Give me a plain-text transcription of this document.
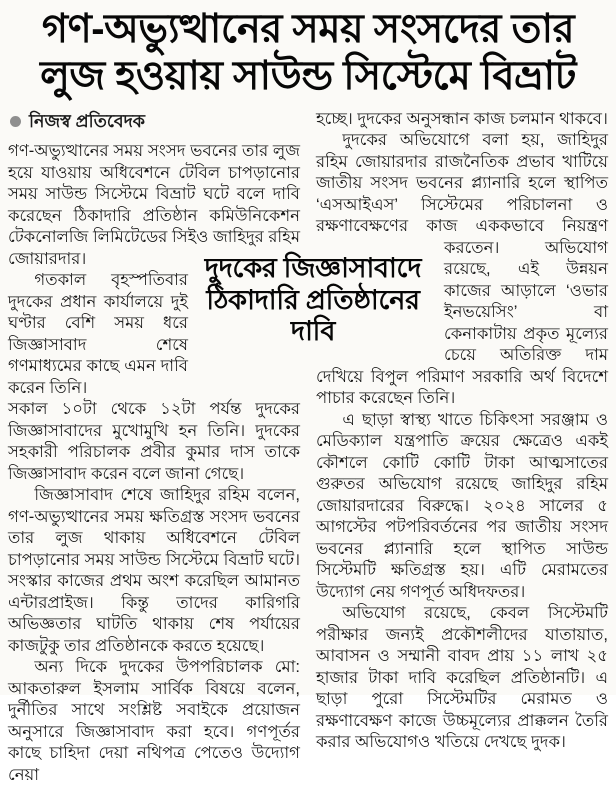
গণ-অভ্যুত্থানের সময় সংসদের তার লুজ হওয়ায় সাউন্ড সিস্টেমে বিভ্রাট
নিজস্ব প্রতিবেদক

গণ-অভ্যুত্থানের সময় সংসদ ভবনের তার লুজ হয়ে যাওয়ায় অধিবেশনে টেবিল চাপড়ানোর সময় সাউন্ড সিস্টেমে বিভ্রাট ঘটে বলে দাবি করেছেন ঠিকাদারি প্রতিষ্ঠান কমিউনিকেশন টেকনোলজি লিমিটেডের সিইও জাহিদুর রহিম জোয়ারদার।

গতকাল বৃহস্পতিবার দুদকের প্রধান কার্যালয়ে দুই ঘণ্টার বেশি সময় ধরে জিজ্ঞাসাবাদ শেষে গণমাধ্যমের কাছে এমন দাবি করেন তিনি।

সকাল ১০টা থেকে ১২টা পর্যন্ত দুদকের জিজ্ঞাসাবাদের মুখোমুখি হন তিনি। দুদকের সহকারী পরিচালক প্রবীর কুমার দাস তাকে জিজ্ঞাসাবাদ করেন বলে জানা গেছে।

জিজ্ঞাসাবাদ শেষে জাহিদুর রহিম বলেন, গণ-অভ্যুত্থানের সময় ক্ষতিগ্রস্ত সংসদ ভবনের তার লুজ থাকায় অধিবেশনে টেবিল চাপড়ানোর সময় সাউন্ড সিস্টেমে বিভ্রাট ঘটে। সংস্কার কাজের প্রথম অংশ করেছিল আমানত এন্টারপ্রাইজ। কিন্তু তাদের কারিগরি অভিজ্ঞতার ঘাটতি থাকায় শেষ পর্যায়ের কাজটুকু তার প্রতিষ্ঠানকে করতে হয়েছে।

অন্য দিকে দুদকের উপপরিচালক মো: আকতারুল ইসলাম সার্বিক বিষয়ে বলেন, দুর্নীতির সাথে সংশ্লিষ্ট সবাইকে প্রয়োজন অনুসারে জিজ্ঞাসাবাদ করা হবে। গণপূর্তর কাছে চাহিদা দেয়া নথিপত্র পেতেও উদ্যোগ নেয়া

হচ্ছে। দুদকের অনুসন্ধান কাজ চলমান থাকবে।

দুদকের অভিযোগে বলা হয়, জাহিদুর রহিম জোয়ারদার রাজনৈতিক প্রভাব খাটিয়ে জাতীয় সংসদ ভবনের প্ল্যানারি হলে স্থাপিত ‘এসআইএস’ সিস্টেমের পরিচালনা ও রক্ষণাবেক্ষণের কাজ এককভাবে নিয়ন্ত্রণ
করতেন। অভিযোগ রয়েছে, এই উন্নয়ন কাজের আড়ালে ‘ওভার ইনভয়েসিং’ বা কেনাকাটায় প্রকৃত মূল্যের চেয়ে অতিরিক্ত দাম দেখিয়ে বিপুল পরিমাণ সরকারি অর্থ বিদেশে পাচার করেছেন তিনি।

এ ছাড়া স্বাস্থ্য খাতে চিকিৎসা সরঞ্জাম ও মেডিক্যাল যন্ত্রপাতি ক্রয়ের ক্ষেত্রেও একই কৌশলে কোটি কোটি টাকা আত্মসাতের গুরুতর অভিযোগ রয়েছে জাহিদুর রহিম জোয়ারদারের বিরুদ্ধে। ২০২৪ সালের ৫ আগস্টের পটপরিবর্তনের পর জাতীয় সংসদ ভবনের প্ল্যানারি হলে স্থাপিত সাউন্ড সিস্টেমটি ক্ষতিগ্রস্ত হয়। এটি মেরামতের উদ্যোগ নেয় গণপূর্ত অধিদফতর।

অভিযোগ রয়েছে, কেবল সিস্টেমটি পরীক্ষার জন্যই প্রকৌশলীদের যাতায়াত, আবাসন ও সম্মানী বাবদ প্রায় ১১ লাখ ২৫ হাজার টাকা দাবি করেছিল প্রতিষ্ঠানটি। এ ছাড়া পুরো সিস্টেমটির মেরামত ও রক্ষণাবেক্ষণ কাজে উচ্চমূল্যের প্রাক্কলন তৈরি করার অভিযোগও খতিয়ে দেখছে দুদক।

দুদকের জিজ্ঞাসাবাদে ঠিকাদারি প্রতিষ্ঠানের দাবি
